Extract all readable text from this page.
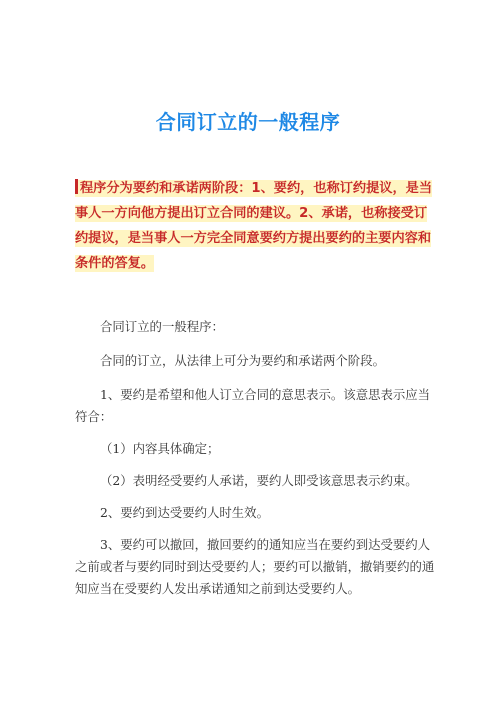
合同订立的一般程序
程序分为要约和承诺两阶段：1、要约，也称订约提议，是当事人一方向他方提出订立合同的建议。2、承诺，也称接受订约提议，是当事人一方完全同意要约方提出要约的主要内容和条件的答复。

合同订立的一般程序：

合同的订立，从法律上可分为要约和承诺两个阶段。

1、要约是希望和他人订立合同的意思表示。该意思表示应当符合：

（1）内容具体确定；

（2）表明经受要约人承诺，要约人即受该意思表示约束。

2、要约到达受要约人时生效。

3、要约可以撤回，撤回要约的通知应当在要约到达受要约人之前或者与要约同时到达受要约人；要约可以撤销，撤销要约的通知应当在受要约人发出承诺通知之前到达受要约人。
